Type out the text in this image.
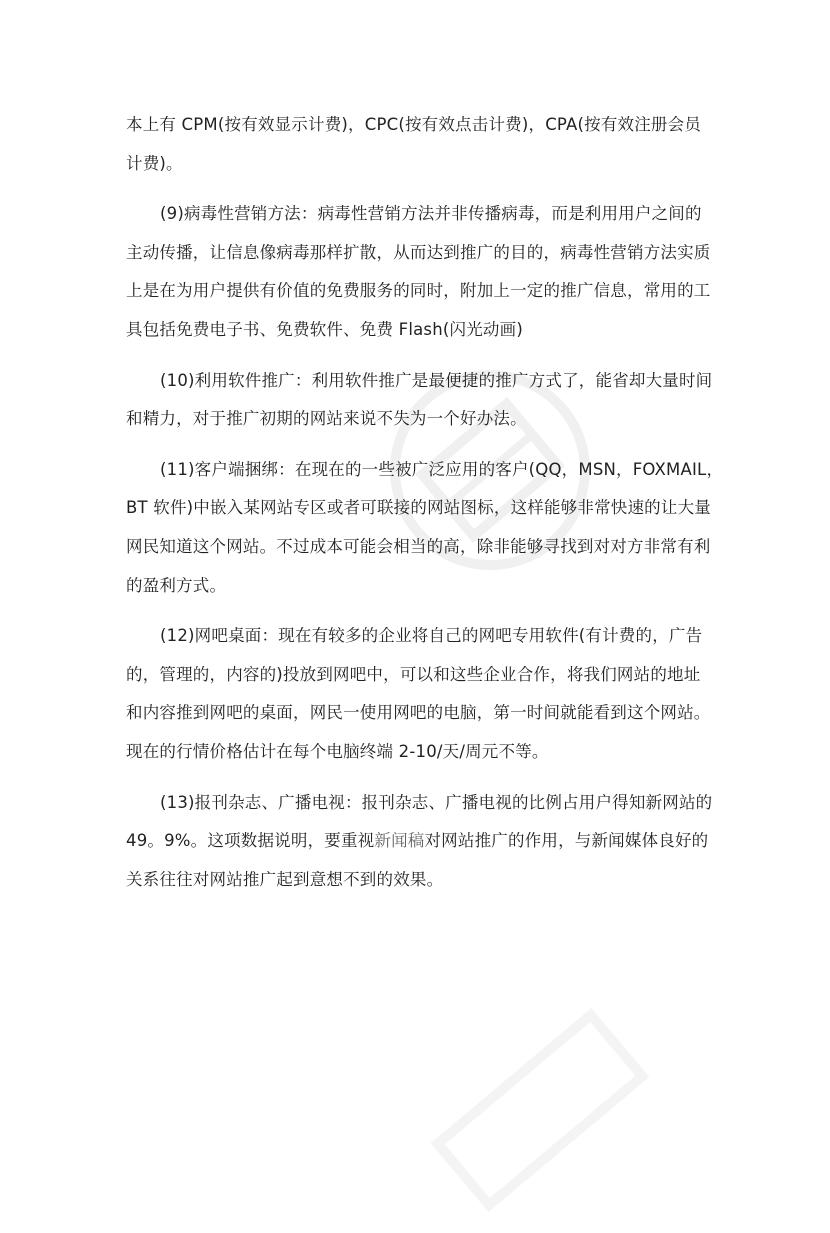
本上有 CPM(按有效显示计费)，CPC(按有效点击计费)，CPA(按有效注册会员
计费)。
(9)病毒性营销方法：病毒性营销方法并非传播病毒，而是利用用户之间的
主动传播，让信息像病毒那样扩散，从而达到推广的目的，病毒性营销方法实质
上是在为用户提供有价值的免费服务的同时，附加上一定的推广信息，常用的工
具包括免费电子书、免费软件、免费 Flash(闪光动画)
(10)利用软件推广：利用软件推广是最便捷的推广方式了，能省却大量时间
和精力，对于推广初期的网站来说不失为一个好办法。
(11)客户端捆绑：在现在的一些被广泛应用的客户(QQ，MSN，FOXMAIL，
BT 软件)中嵌入某网站专区或者可联接的网站图标，这样能够非常快速的让大量
网民知道这个网站。不过成本可能会相当的高，除非能够寻找到对对方非常有利
的盈利方式。
(12)网吧桌面：现在有较多的企业将自己的网吧专用软件(有计费的，广告
的，管理的，内容的)投放到网吧中，可以和这些企业合作，将我们网站的地址
和内容推到网吧的桌面，网民一使用网吧的电脑，第一时间就能看到这个网站。
现在的行情价格估计在每个电脑终端 2-10/天/周元不等。
(13)报刊杂志、广播电视：报刊杂志、广播电视的比例占用户得知新网站的
49。9%。这项数据说明，要重视新闻稿对网站推广的作用，与新闻媒体良好的
关系往往对网站推广起到意想不到的效果。
